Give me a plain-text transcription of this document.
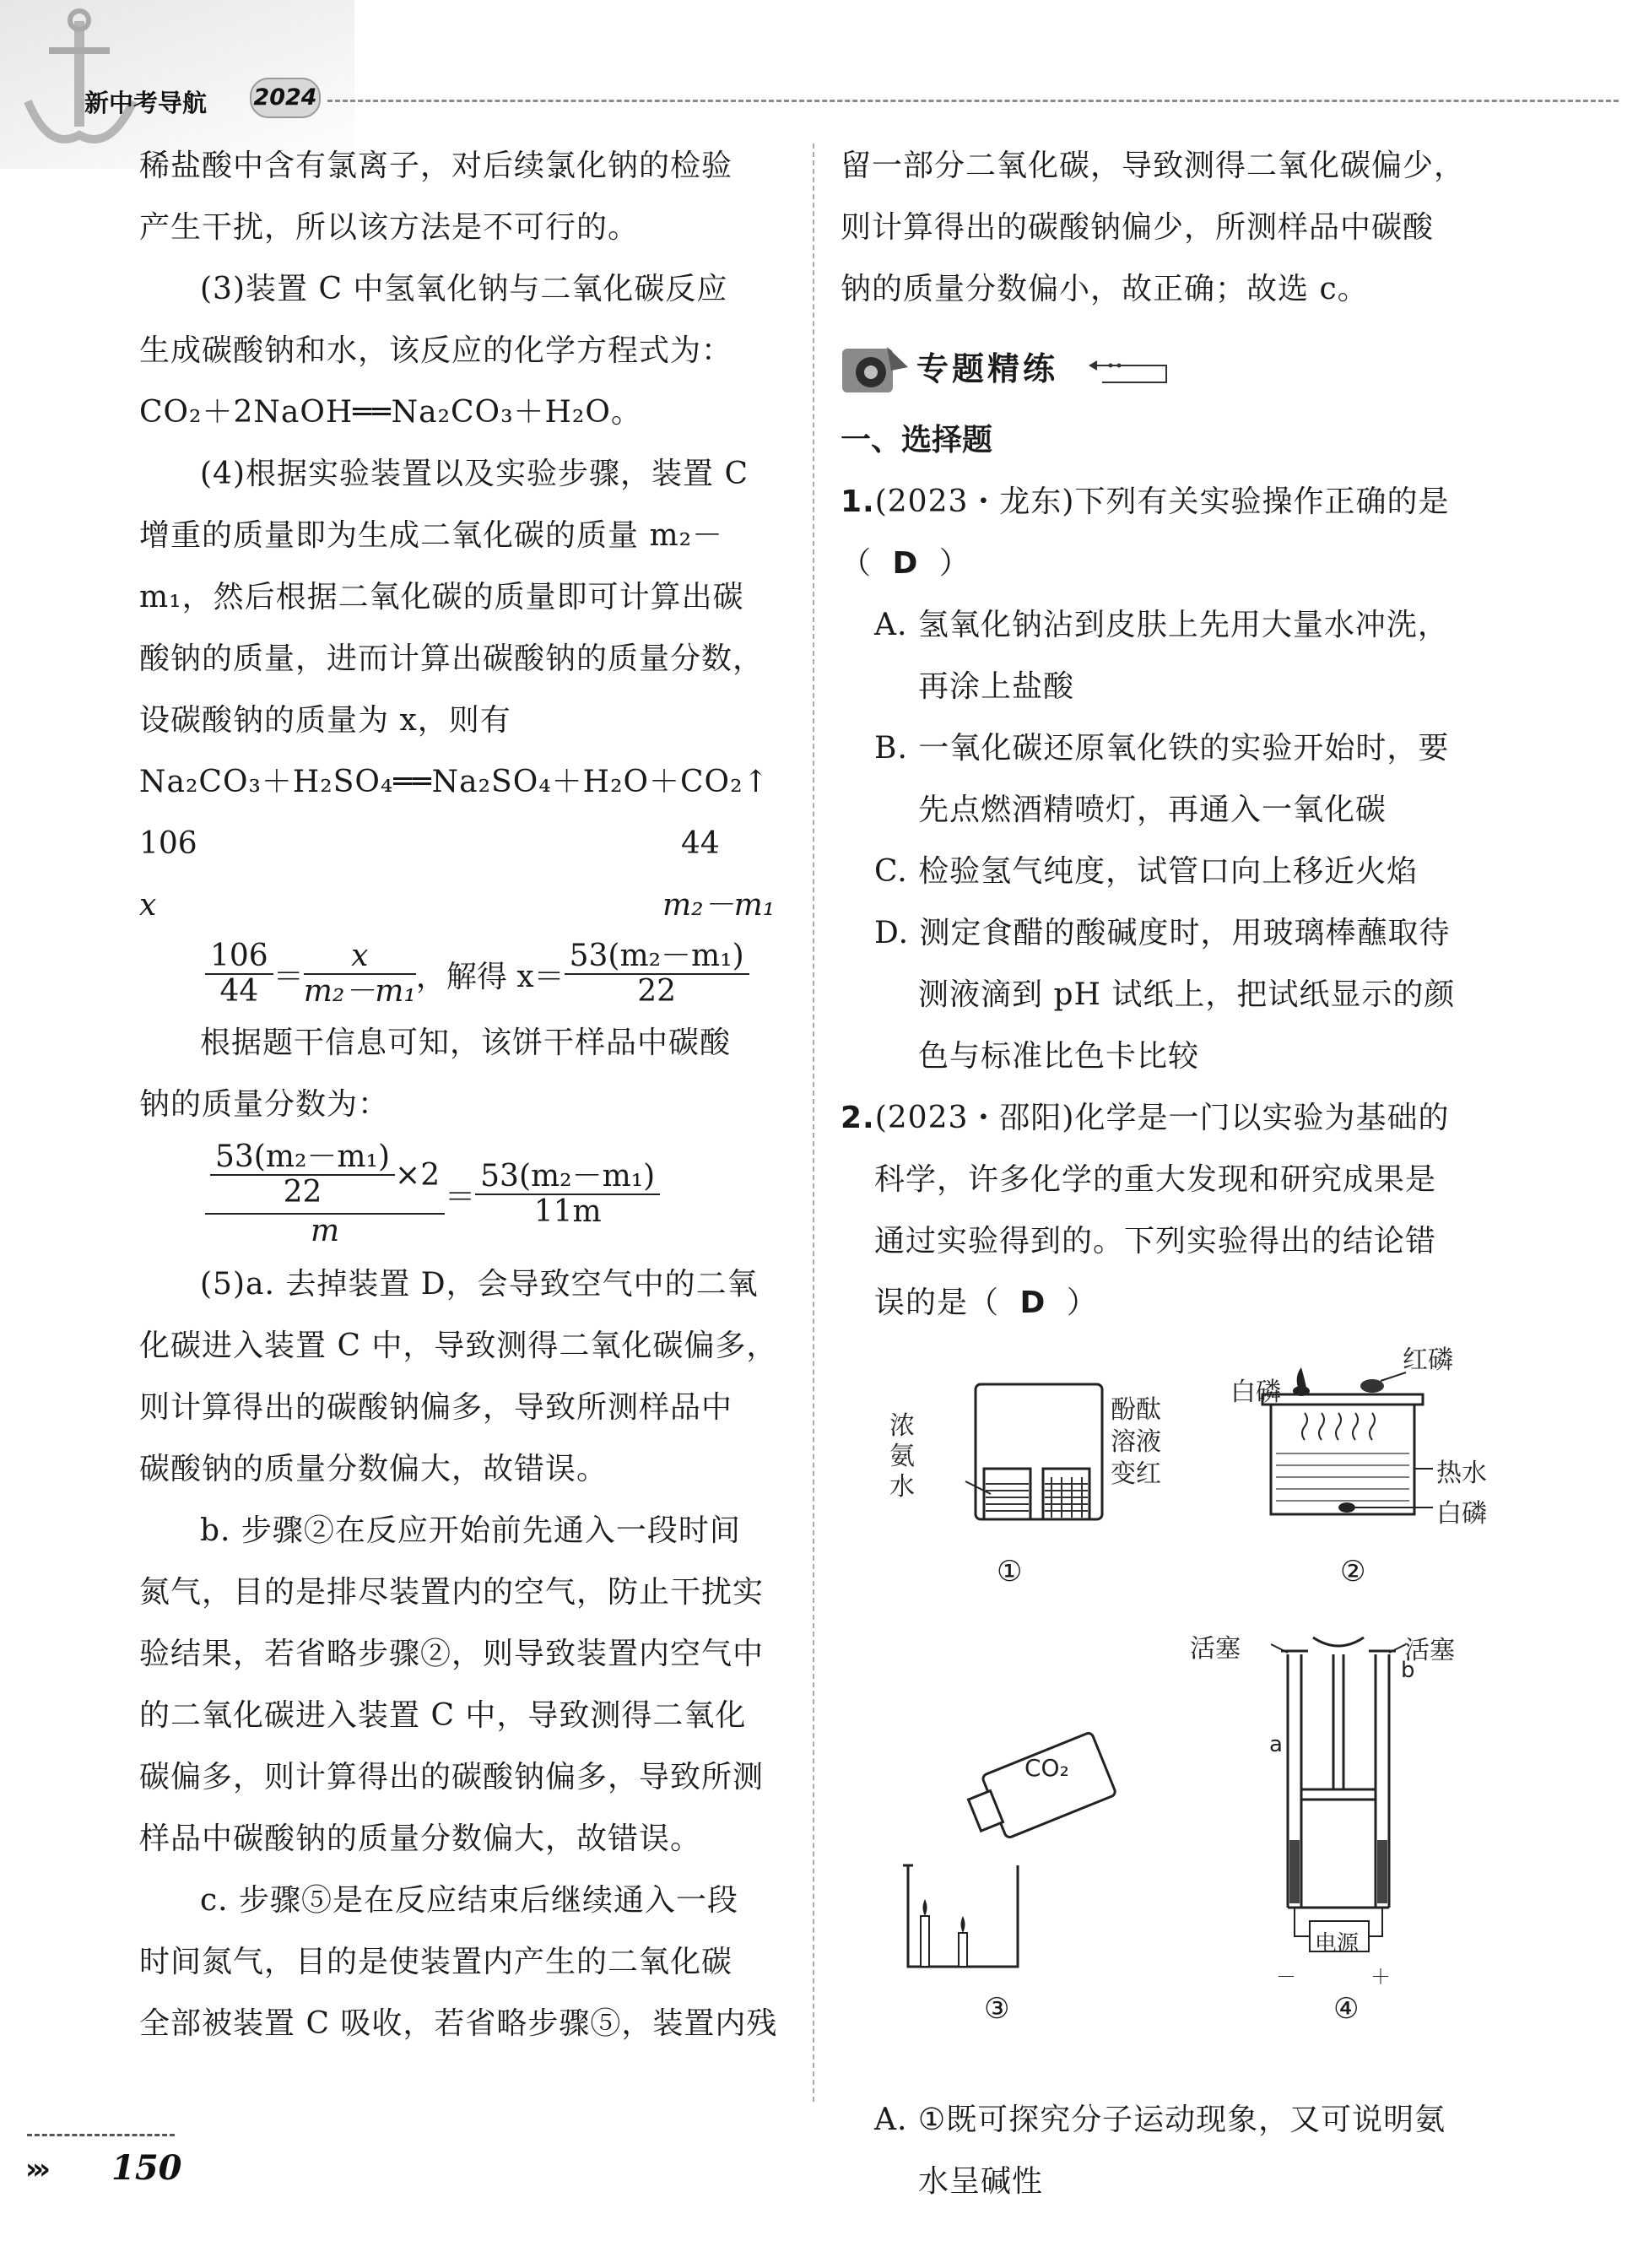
新中考导航 2024
稀盐酸中含有氯离子，对后续氯化钠的检验
产生干扰，所以该方法是不可行的。
(3)装置 C 中氢氧化钠与二氧化碳反应
生成碳酸钠和水，该反应的化学方程式为：
CO₂＋2NaOH══Na₂CO₃＋H₂O。
(4)根据实验装置以及实验步骤，装置 C
增重的质量即为生成二氧化碳的质量 m₂－
m₁，然后根据二氧化碳的质量即可计算出碳
酸钠的质量，进而计算出碳酸钠的质量分数，
设碳酸钠的质量为 x，则有
Na₂CO₃＋H₂SO₄══Na₂SO₄＋H₂O＋CO₂↑
106	44
x	m₂－m₁
$\frac{106}{44} = \frac{x}{\text{m₂－m₁}}$ ，解得 $x= \frac{\text{53(m₂－m₁)}}{22}$
根据题干信息可知，该饼干样品中碳酸
钠的质量分数为：
$\frac{\frac{\text{53(m₂－m₁)}}{22} \times 2}{m} = \frac{\text{53(m₂－m₁)}}{11m}$
(5)a. 去掉装置 D，会导致空气中的二氧
化碳进入装置 C 中，导致测得二氧化碳偏多，
则计算得出的碳酸钠偏多，导致所测样品中
碳酸钠的质量分数偏大，故错误。
b. 步骤②在反应开始前先通入一段时间
氮气，目的是排尽装置内的空气，防止干扰实
验结果，若省略步骤②，则导致装置内空气中
的二氧化碳进入装置 C 中，导致测得二氧化
碳偏多，则计算得出的碳酸钠偏多，导致所测
样品中碳酸钠的质量分数偏大，故错误。
c. 步骤⑤是在反应结束后继续通入一段
时间氮气，目的是使装置内产生的二氧化碳
全部被装置 C 吸收，若省略步骤⑤，装置内残
留一部分二氧化碳，导致测得二氧化碳偏少，
则计算得出的碳酸钠偏少，所测样品中碳酸
钠的质量分数偏小，故正确；故选 c。
专题精练
一、选择题
1.(2023・龙东)下列有关实验操作正确的是
（ D ）
A. 氢氧化钠沾到皮肤上先用大量水冲洗，
再涂上盐酸
B. 一氧化碳还原氧化铁的实验开始时，要
先点燃酒精喷灯，再通入一氧化碳
C. 检验氢气纯度，试管口向上移近火焰
D. 测定食醋的酸碱度时，用玻璃棒蘸取待
测液滴到 pH 试纸上，把试纸显示的颜
色与标准比色卡比较
2.(2023・邵阳)化学是一门以实验为基础的
科学，许多化学的重大发现和研究成果是
通过实验得到的。下列实验得出的结论错
误的是（ D ）
浓
氨
水
酚酞
溶液
变红
①
红磷
白磷
热水
白磷
②
CO₂
③
活塞	活塞
a
b
电源
－	＋
④
A. ①既可探究分子运动现象，又可说明氨
水呈碱性
››› 150
